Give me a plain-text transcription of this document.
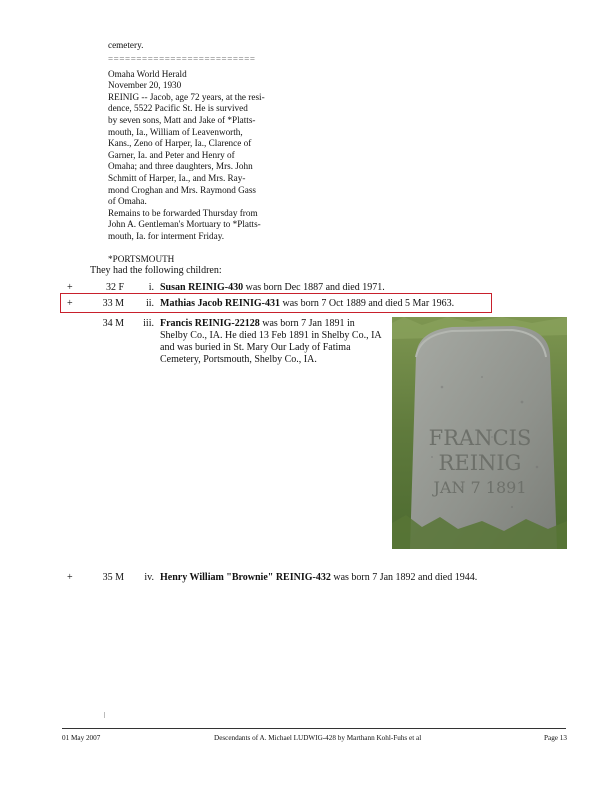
cemetery.
==========================
Omaha World Herald
November 20, 1930
REINIG -- Jacob, age 72 years, at the resi-
dence, 5522 Pacific St. He is survived
by seven sons, Matt and Jake of *Platts-
mouth, Ia., William of Leavenworth,
Kans., Zeno of Harper, Ia., Clarence of
Garner, Ia. and Peter and Henry of
Omaha; and three daughters, Mrs. John
Schmitt of Harper, Ia., and Mrs. Ray-
mond Croghan and Mrs. Raymond Gass
of Omaha.
Remains to be forwarded Thursday from
John A. Gentleman's Mortuary to *Platts-
mouth, Ia. for interment Friday.
*PORTSMOUTH
They had the following children:
+	32 F	i. Susan REINIG-430 was born Dec 1887 and died 1971.
+	33 M	ii. Mathias Jacob REINIG-431 was born 7 Oct 1889 and died 5 Mar 1963.
34 M	iii. Francis REINIG-22128 was born 7 Jan 1891 in
Shelby Co., IA. He died 13 Feb 1891 in Shelby Co., IA
and was buried in St. Mary Our Lady of Fatima
Cemetery, Portsmouth, Shelby Co., IA.
FRANCIS
REINIG
JAN 7 1891
+	35 M	iv. Henry William "Brownie" REINIG-432 was born 7 Jan 1892 and died 1944.
01 May 2007	Descendants of A. Michael LUDWIG-428 by Marthann Kohl-Fuhs et al	Page 13
